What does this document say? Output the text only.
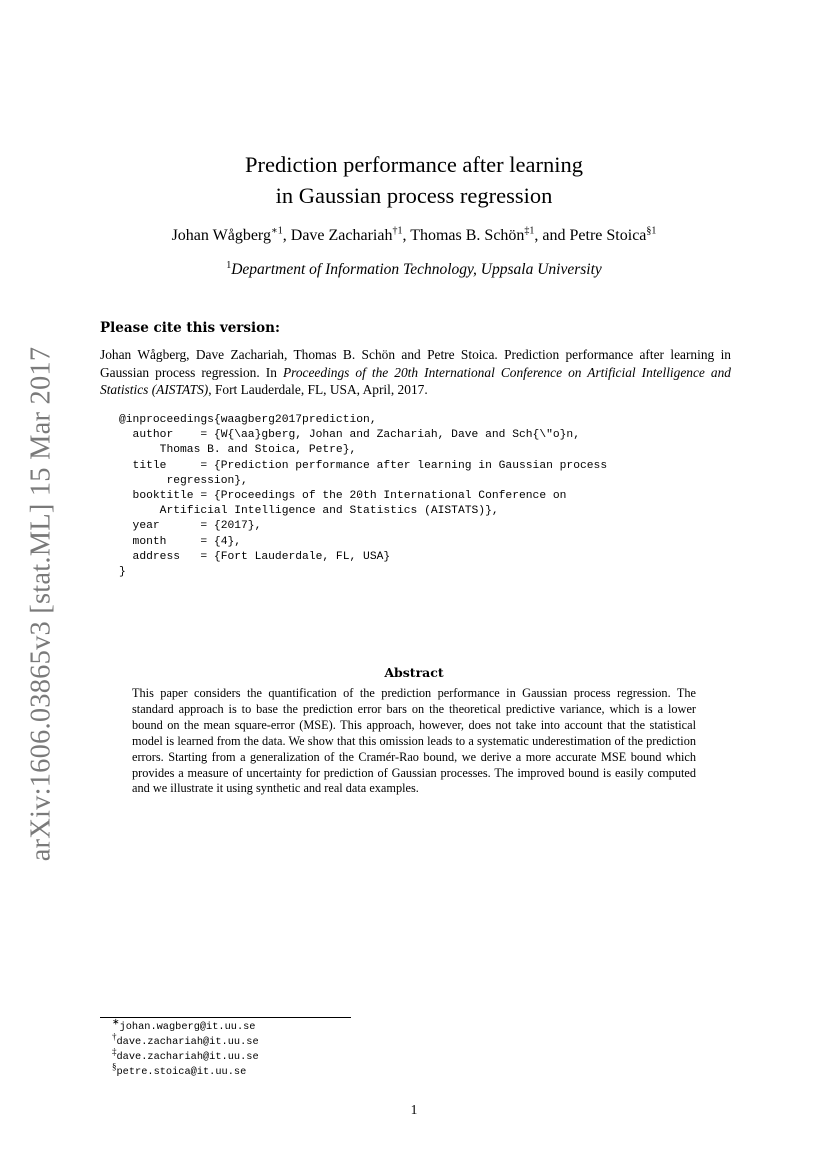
arXiv:1606.03865v3 [stat.ML] 15 Mar 2017
Prediction performance after learning
in Gaussian process regression
Johan Wågberg$^{∗1}$, Dave Zachariah$^{\dagger 1}$, Thomas B. Schön$^{\ddagger 1}$, and Petre Stoica$^{\S 1}$
$^1$Department of Information Technology, Uppsala University
Please cite this version:
Johan Wågberg, Dave Zachariah, Thomas B. Schön and Petre Stoica. Prediction performance after learning in Gaussian process regression. In Proceedings of the 20th International Conference on Artificial Intelligence and Statistics (AISTATS), Fort Lauderdale, FL, USA, April, 2017.
@inproceedings{waagberg2017prediction,
author    = {W{\aa}gberg, Johan and Zachariah, Dave and Sch{\"o}n,
Thomas B. and Stoica, Petre},
title     = {Prediction performance after learning in Gaussian process
regression},
booktitle = {Proceedings of the 20th International Conference on
Artificial Intelligence and Statistics (AISTATS)},
year      = {2017},
month     = {4},
address   = {Fort Lauderdale, FL, USA}
}
Abstract
This paper considers the quantification of the prediction performance in Gaussian process regression. The standard approach is to base the prediction error bars on the theoretical predictive variance, which is a lower bound on the mean square-error (MSE). This approach, however, does not take into account that the statistical model is learned from the data. We show that this omission leads to a systematic underestimation of the prediction errors. Starting from a generalization of the Cramér-Rao bound, we derive a more accurate MSE bound which provides a measure of uncertainty for prediction of Gaussian processes. The improved bound is easily computed and we illustrate it using synthetic and real data examples.
∗johan.wagberg@it.uu.se
†dave.zachariah@it.uu.se
‡dave.zachariah@it.uu.se
§petre.stoica@it.uu.se
1
